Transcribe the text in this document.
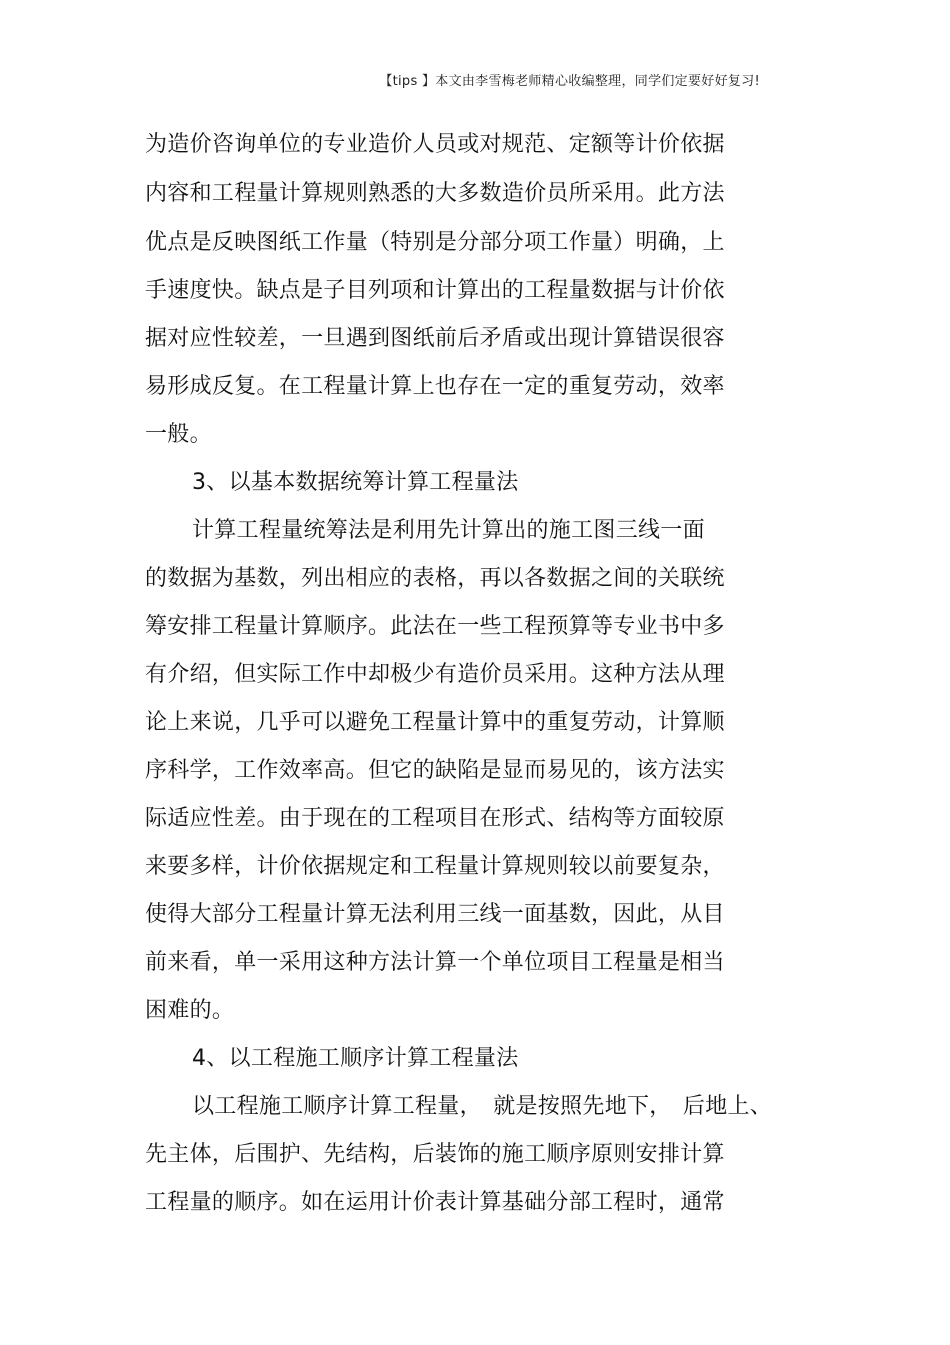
【tips 】本文由李雪梅老师精心收编整理，同学们定要好好复习!
为造价咨询单位的专业造价人员或对规范、定额等计价依据
内容和工程量计算规则熟悉的大多数造价员所采用。此方法
优点是反映图纸工作量（特别是分部分项工作量）明确，上
手速度快。缺点是子目列项和计算出的工程量数据与计价依
据对应性较差，一旦遇到图纸前后矛盾或出现计算错误很容
易形成反复。在工程量计算上也存在一定的重复劳动，效率
一般。
3、以基本数据统筹计算工程量法
计算工程量统筹法是利用先计算出的施工图三线一面
的数据为基数，列出相应的表格，再以各数据之间的关联统
筹安排工程量计算顺序。此法在一些工程预算等专业书中多
有介绍，但实际工作中却极少有造价员采用。这种方法从理
论上来说，几乎可以避免工程量计算中的重复劳动，计算顺
序科学，工作效率高。但它的缺陷是显而易见的，该方法实
际适应性差。由于现在的工程项目在形式、结构等方面较原
来要多样，计价依据规定和工程量计算规则较以前要复杂，
使得大部分工程量计算无法利用三线一面基数，因此，从目
前来看，单一采用这种方法计算一个单位项目工程量是相当
困难的。
4、以工程施工顺序计算工程量法
以工程施工顺序计算工程量，　就是按照先地下，　后地上、
先主体，后围护、先结构，后装饰的施工顺序原则安排计算
工程量的顺序。如在运用计价表计算基础分部工程时，通常
